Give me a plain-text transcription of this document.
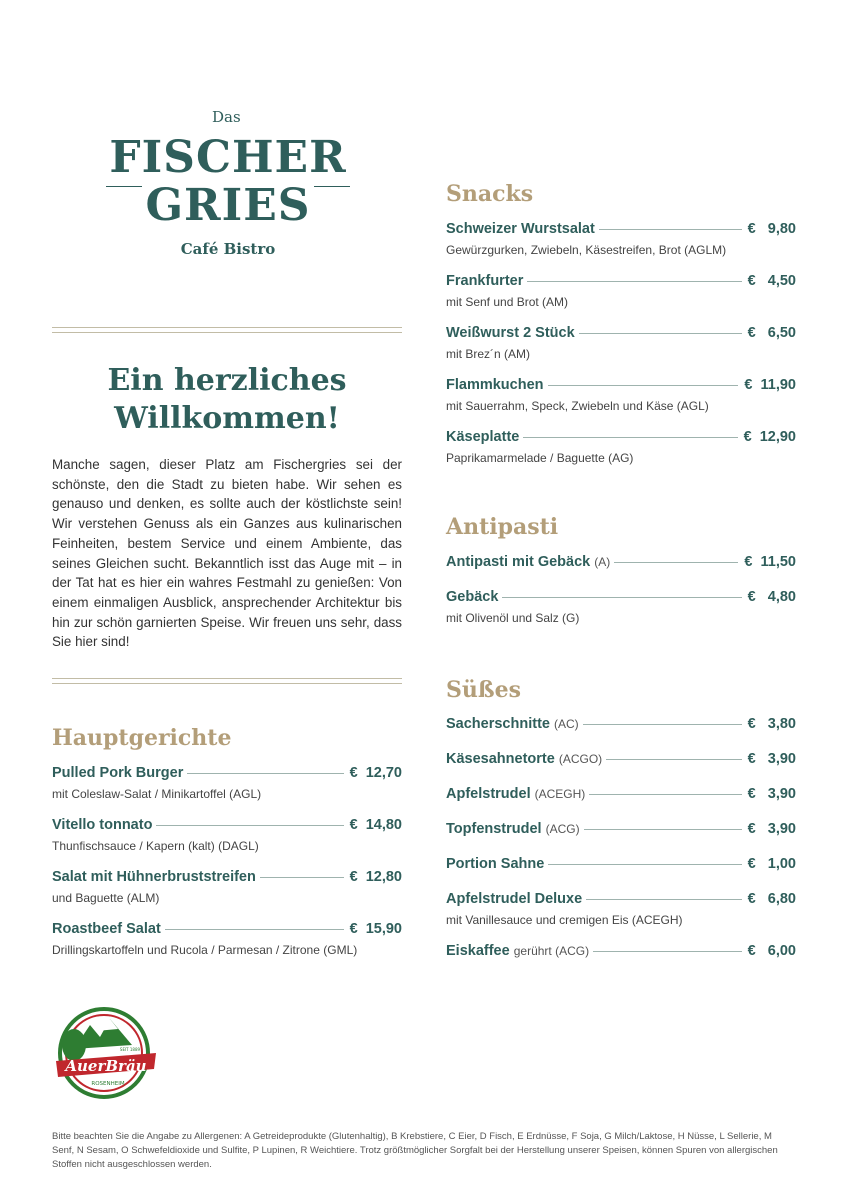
Das
FISCHER
GRIES
Café Bistro
Ein herzliches
Willkommen!
Manche sagen, dieser Platz am Fischergries sei der schönste, den die Stadt zu bieten habe. Wir sehen es genauso und denken, es sollte auch der köstlichste sein! Wir verstehen Genuss als ein Ganzes aus kulinarischen Feinheiten, bestem Service und einem Ambiente, das seines Gleichen sucht. Bekanntlich isst das Auge mit – in der Tat hat es hier ein wahres Festmahl zu genießen: Von einem einmaligen Ausblick, ansprechender Architektur bis hin zur schön garnierten Speise. Wir freuen uns sehr, dass Sie hier sind!
Hauptgerichte
Snacks
Antipasti
Süßes
Pulled Pork Burger	€  12,70
mit Coleslaw-Salat / Minikartoffel (AGL)
Vitello tonnato	€  14,80
Thunfischsauce / Kapern (kalt) (DAGL)
Salat mit Hühnerbruststreifen	€  12,80
und Baguette (ALM)
Roastbeef Salat	€  15,90
Drillingskartoffeln und Rucola / Parmesan / Zitrone (GML)
Schweizer Wurstsalat	€   9,80
Gewürzgurken, Zwiebeln, Käsestreifen, Brot (AGLM)
Frankfurter	€   4,50
mit Senf und Brot (AM)
Weißwurst 2 Stück	€   6,50
mit Brez´n (AM)
Flammkuchen	€  11,90
mit Sauerrahm, Speck, Zwiebeln und Käse (AGL)
Käseplatte	€  12,90
Paprikamarmelade / Baguette (AG)
Antipasti mit Gebäck (A)	€  11,50
Gebäck	€   4,80
mit Olivenöl und Salz (G)
Sacherschnitte (AC)	€   3,80
Käsesahnetorte (ACGO)	€   3,90
Apfelstrudel (ACEGH)	€   3,90
Topfenstrudel (ACG)	€   3,90
Portion Sahne	€   1,00
Apfelstrudel Deluxe	€   6,80
mit Vanillesauce und cremigen Eis (ACEGH)
Eiskaffee gerührt (ACG)	€   6,00
AuerBräu
SEIT 1889
ROSENHEIM
Bitte beachten Sie die Angabe zu Allergenen: A Getreideprodukte (Glutenhaltig), B Krebstiere, C Eier, D Fisch, E Erdnüsse, F Soja, G Milch/Laktose, H Nüsse, L Sellerie, M Senf, N Sesam, O Schwefeldioxide und Sulfite, P Lupinen, R Weichtiere. Trotz größtmöglicher Sorgfalt bei der Herstellung unserer Speisen, können Spuren von allergischen Stoffen nicht ausgeschlossen werden.
